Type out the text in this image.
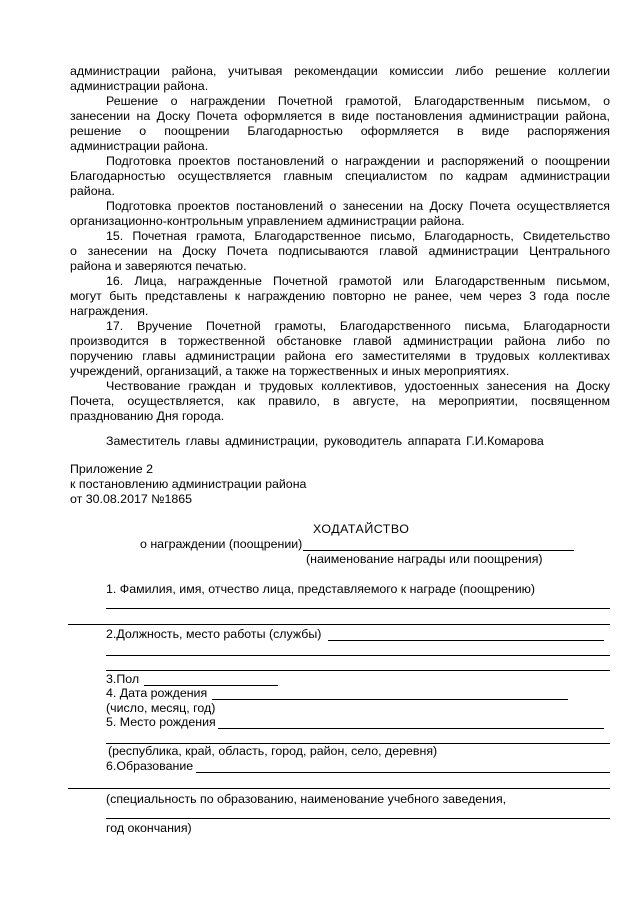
администрации района, учитывая рекомендации комиссии либо решение коллегии
администрации района.
Решение о награждении Почетной грамотой, Благодарственным письмом, о
занесении на Доску Почета оформляется в виде постановления администрации района,
решение о поощрении Благодарностью оформляется в виде распоряжения
администрации района.
Подготовка проектов постановлений о награждении и распоряжений о поощрении
Благодарностью осуществляется главным специалистом по кадрам администрации
района.
Подготовка проектов постановлений о занесении на Доску Почета осуществляется
организационно-контрольным управлением администрации района.
15. Почетная грамота, Благодарственное письмо, Благодарность, Свидетельство
о занесении на Доску Почета подписываются главой администрации Центрального
района и заверяются печатью.
16. Лица, награжденные Почетной грамотой или Благодарственным письмом,
могут быть представлены к награждению повторно не ранее, чем через 3 года после
награждения.
17. Вручение Почетной грамоты, Благодарственного письма, Благодарности
производится в торжественной обстановке главой администрации района либо по
поручению главы администрации района его заместителями в трудовых коллективах
учреждений, организаций, а также на торжественных и иных мероприятиях.
Чествование граждан и трудовых коллективов, удостоенных занесения на Доску
Почета, осуществляется, как правило, в августе, на мероприятии, посвященном
празднованию Дня города.
Заместитель главы администрации, руководитель аппарата Г.И.Комарова
Приложение 2
к постановлению администрации района
от 30.08.2017 №1865
ХОДАТАЙСТВО
о награждении (поощрении)
(наименование награды или поощрения)
1. Фамилия, имя, отчество лица, представляемого к награде (поощрению)
2.Должность, место работы (службы)
3.Пол
4. Дата рождения
(число, месяц, год)
5. Место рождения
(республика, край, область, город, район, село, деревня)
6.Образование
(специальность по образованию, наименование учебного заведения,
год окончания)
